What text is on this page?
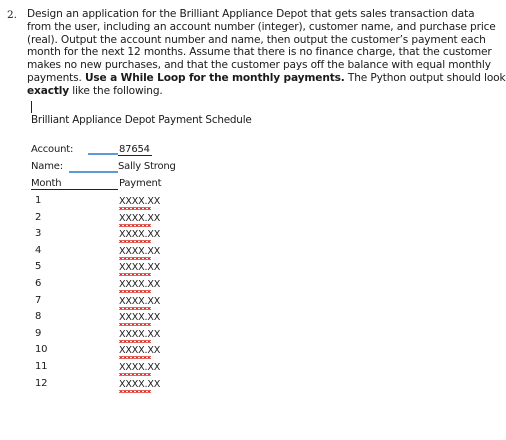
2. Design an application for the Brilliant Appliance Depot that gets sales transaction data
from the user, including an account number (integer), customer name, and purchase price
(real). Output the account number and name, then output the customer’s payment each
month for the next 12 months. Assume that there is no finance charge, that the customer
makes no new purchases, and that the customer pays off the balance with equal monthly
payments. Use a While Loop for the monthly payments. The Python output should look
exactly like the following.
Brilliant Appliance Depot Payment Schedule
Account:	87654
Name:	Sally Strong
Month	Payment
1	XXXX.XX
2	XXXX.XX
3	XXXX.XX
4	XXXX.XX
5	XXXX.XX
6	XXXX.XX
7	XXXX.XX
8	XXXX.XX
9	XXXX.XX
10	XXXX.XX
11	XXXX.XX
12	XXXX.XX
